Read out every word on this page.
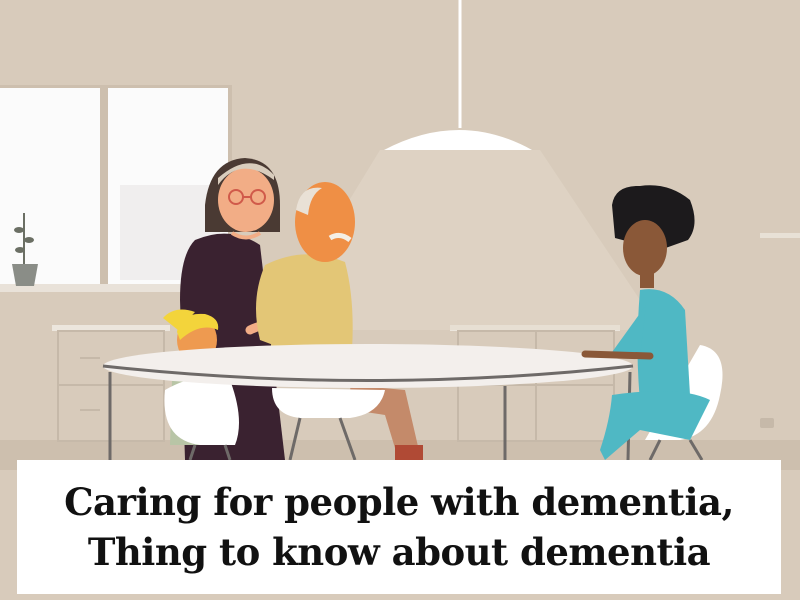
Caring for people with dementia,
Thing to know about dementia
